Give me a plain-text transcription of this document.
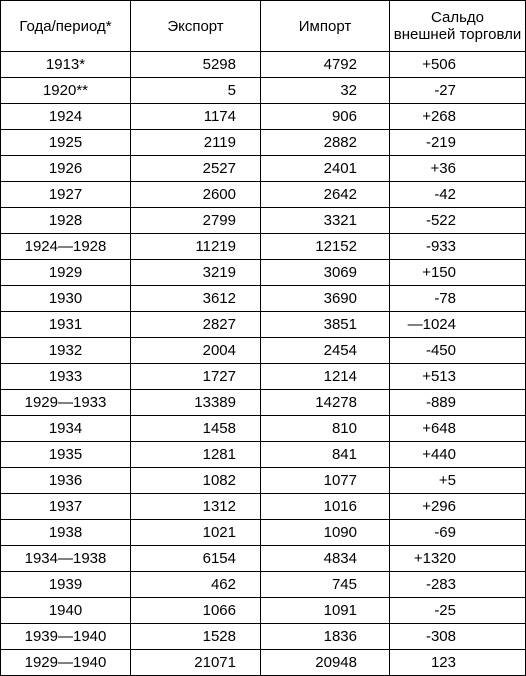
Года/период*	Экспорт	Импорт	Сальдо
внешней торговли
1913*	5298	4792	+506
1920**	5	32	-27
1924	1174	906	+268
1925	2119	2882	-219
1926	2527	2401	+36
1927	2600	2642	-42
1928	2799	3321	-522
1924—1928	11219	12152	-933
1929	3219	3069	+150
1930	3612	3690	-78
1931	2827	3851	—1024
1932	2004	2454	-450
1933	1727	1214	+513
1929—1933	13389	14278	-889
1934	1458	810	+648
1935	1281	841	+440
1936	1082	1077	+5
1937	1312	1016	+296
1938	1021	1090	-69
1934—1938	6154	4834	+1320
1939	462	745	-283
1940	1066	1091	-25
1939—1940	1528	1836	-308
1929—1940	21071	20948	123
